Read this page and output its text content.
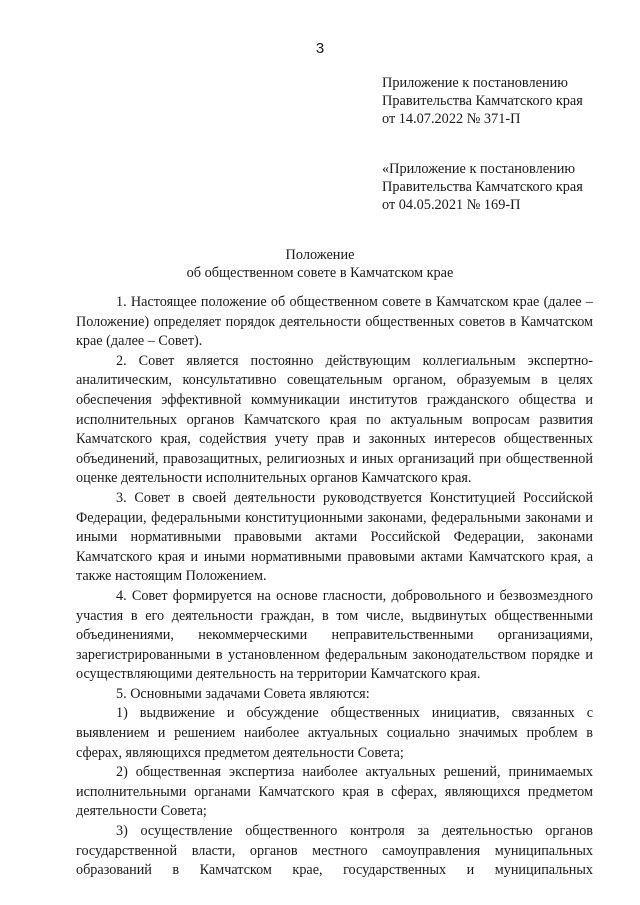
3
Приложение к постановлению
Правительства Камчатского края
от 14.07.2022 № 371-П
«Приложение к постановлению
Правительства Камчатского края
от 04.05.2021 № 169-П
Положение
об общественном совете в Камчатском крае

1. Настоящее положение об общественном совете в Камчатском крае (далее – Положение) определяет порядок деятельности общественных советов в Камчатском крае (далее – Совет).

2. Совет является постоянно действующим коллегиальным экспертно-аналитическим, консультативно совещательным органом, образуемым в целях обеспечения эффективной коммуникации институтов гражданского общества и исполнительных органов Камчатского края по актуальным вопросам развития Камчатского края, содействия учету прав и законных интересов общественных объединений, правозащитных, религиозных и иных организаций при общественной оценке деятельности исполнительных органов Камчатского края.

3. Совет в своей деятельности руководствуется Конституцией Российской Федерации, федеральными конституционными законами, федеральными законами и иными нормативными правовыми актами Российской Федерации, законами Камчатского края и иными нормативными правовыми актами Камчатского края, а также настоящим Положением.

4. Совет формируется на основе гласности, добровольного и безвозмездного участия в его деятельности граждан, в том числе, выдвинутых общественными объединениями, некоммерческими неправительственными организациями, зарегистрированными в установленном федеральным законодательством порядке и осуществляющими деятельность на территории Камчатского края.

5. Основными задачами Совета являются:

1) выдвижение и обсуждение общественных инициатив, связанных с выявлением и решением наиболее актуальных социально значимых проблем в сферах, являющихся предметом деятельности Совета;

2) общественная экспертиза наиболее актуальных решений, принимаемых исполнительными органами Камчатского края в сферах, являющихся предметом деятельности Совета;

3) осуществление общественного контроля за деятельностью органов государственной власти, органов местного самоуправления муниципальных образований в Камчатском крае, государственных и муниципальных
